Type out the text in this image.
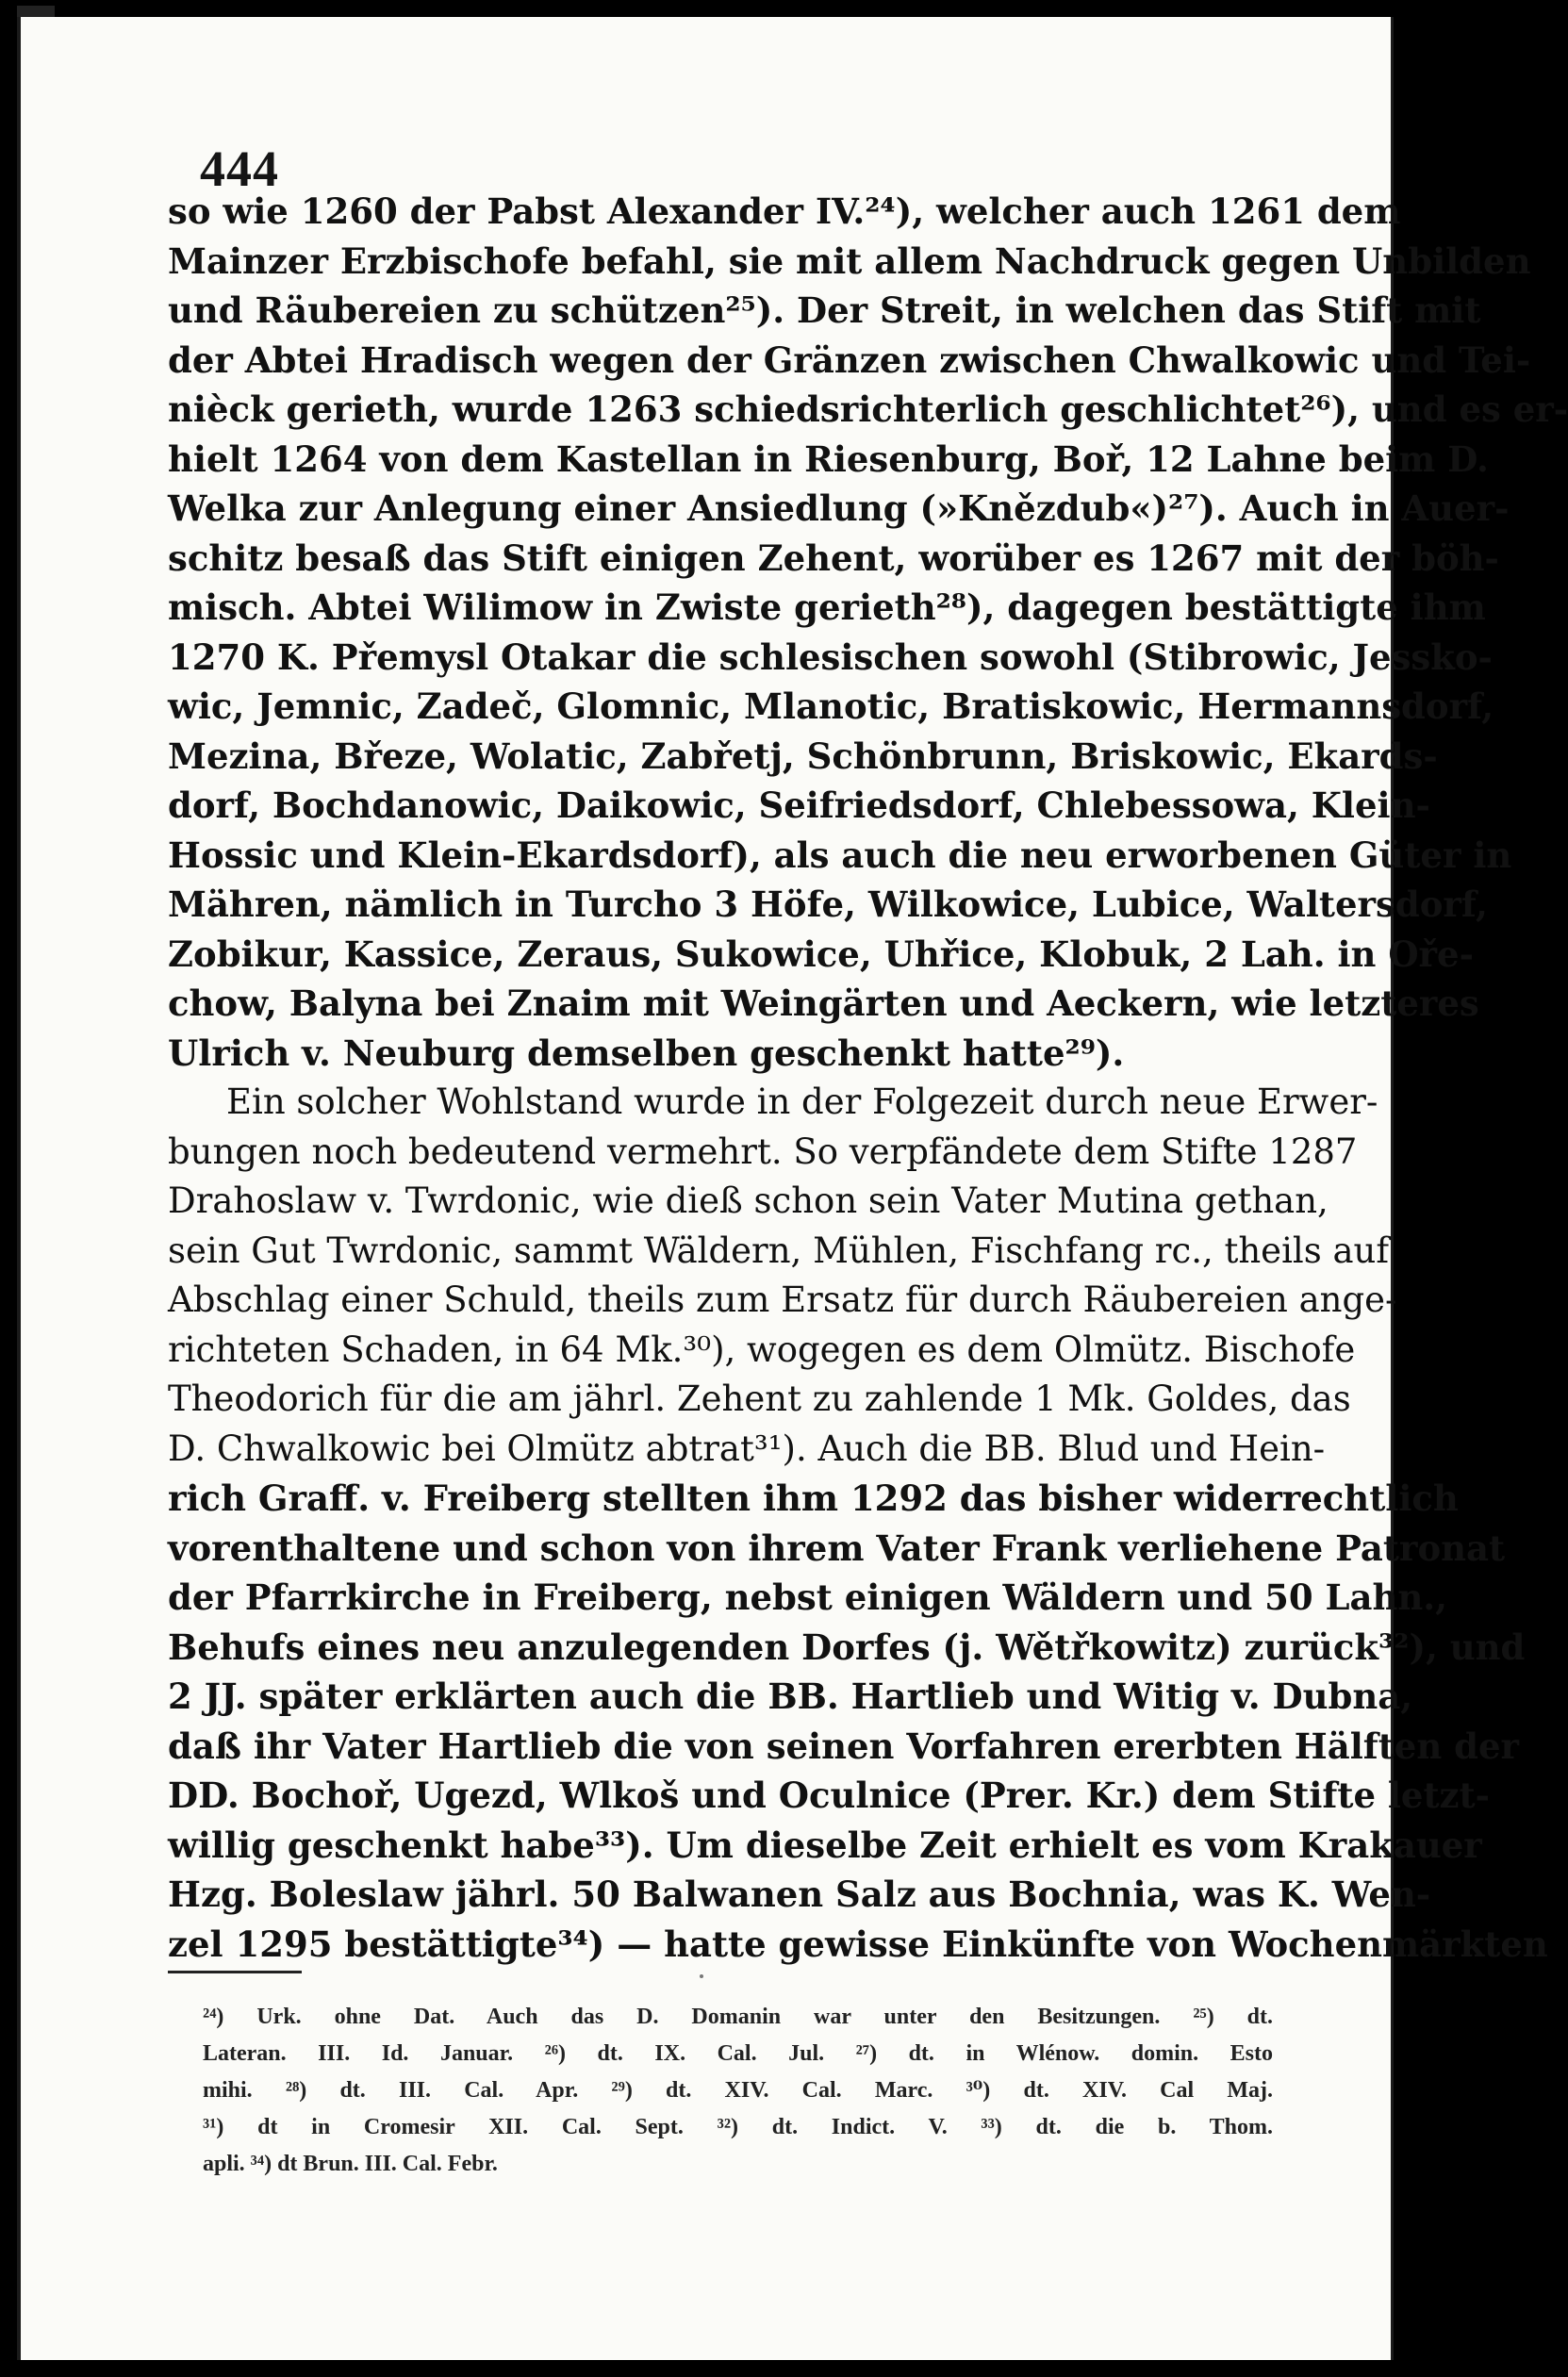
444
so wie 1260 der Pabst Alexander IV.²⁴), welcher auch 1261 dem
Mainzer Erzbischofe befahl, sie mit allem Nachdruck gegen Unbilden
und Räubereien zu schützen²⁵). Der Streit, in welchen das Stift mit
der Abtei Hradisch wegen der Gränzen zwischen Chwalkowic und Tei-
nièck gerieth, wurde 1263 schiedsrichterlich geschlichtet²⁶), und es er-
hielt 1264 von dem Kastellan in Riesenburg, Boř, 12 Lahne beim D.
Welka zur Anlegung einer Ansiedlung (»Knězdub«)²⁷). Auch in Auer-
schitz besaß das Stift einigen Zehent, worüber es 1267 mit der böh-
misch. Abtei Wilimow in Zwiste gerieth²⁸), dagegen bestättigte ihm
1270 K. Přemysl Otakar die schlesischen sowohl (Stibrowic, Jessko-
wic, Jemnic, Zadeč, Glomnic, Mlanotic, Bratiskowic, Hermannsdorf,
Mezina, Březe, Wolatic, Zabřetj, Schönbrunn, Briskowic, Ekards-
dorf, Bochdanowic, Daikowic, Seifriedsdorf, Chlebessowa, Klein-
Hossic und Klein-Ekardsdorf), als auch die neu erworbenen Güter in
Mähren, nämlich in Turcho 3 Höfe, Wilkowice, Lubice, Waltersdorf,
Zobikur, Kassice, Zeraus, Sukowice, Uhřice, Klobuk, 2 Lah. in Oře-
chow, Balyna bei Znaim mit Weingärten und Aeckern, wie letzteres
Ulrich v. Neuburg demselben geschenkt hatte²⁹).
Ein solcher Wohlstand wurde in der Folgezeit durch neue Erwer-
bungen noch bedeutend vermehrt. So verpfändete dem Stifte 1287
Drahoslaw v. Twrdonic, wie dieß schon sein Vater Mutina gethan,
sein Gut Twrdonic, sammt Wäldern, Mühlen, Fischfang rc., theils auf
Abschlag einer Schuld, theils zum Ersatz für durch Räubereien ange-
richteten Schaden, in 64 Mk.³⁰), wogegen es dem Olmütz. Bischofe
Theodorich für die am jährl. Zehent zu zahlende 1 Mk. Goldes, das
D. Chwalkowic bei Olmütz abtrat³¹). Auch die BB. Blud und Hein-
rich Graff. v. Freiberg stellten ihm 1292 das bisher widerrechtlich
vorenthaltene und schon von ihrem Vater Frank verliehene Patronat
der Pfarrkirche in Freiberg, nebst einigen Wäldern und 50 Lahn.,
Behufs eines neu anzulegenden Dorfes (j. Wětřkowitz) zurück³²), und
2 JJ. später erklärten auch die BB. Hartlieb und Witig v. Dubna,
daß ihr Vater Hartlieb die von seinen Vorfahren ererbten Hälften der
DD. Bochoř, Ugezd, Wlkoš und Oculnice (Prer. Kr.) dem Stifte letzt-
willig geschenkt habe³³). Um dieselbe Zeit erhielt es vom Krakauer
Hzg. Boleslaw jährl. 50 Balwanen Salz aus Bochnia, was K. Wen-
zel 1295 bestättigte³⁴) — hatte gewisse Einkünfte von Wochenmärkten
²⁴) Urk. ohne Dat. Auch das D. Domanin war unter den Besitzungen. ²⁵) dt.
Lateran. III. Id. Januar. ²⁶) dt. IX. Cal. Jul. ²⁷) dt. in Wlénow. domin. Esto
mihi. ²⁸) dt. III. Cal. Apr. ²⁹) dt. XIV. Cal. Marc. ³⁰) dt. XIV. Cal Maj.
³¹) dt in Cromesir XII. Cal. Sept. ³²) dt. Indict. V. ³³) dt. die b. Thom.
apli. ³⁴) dt Brun. III. Cal. Febr.
